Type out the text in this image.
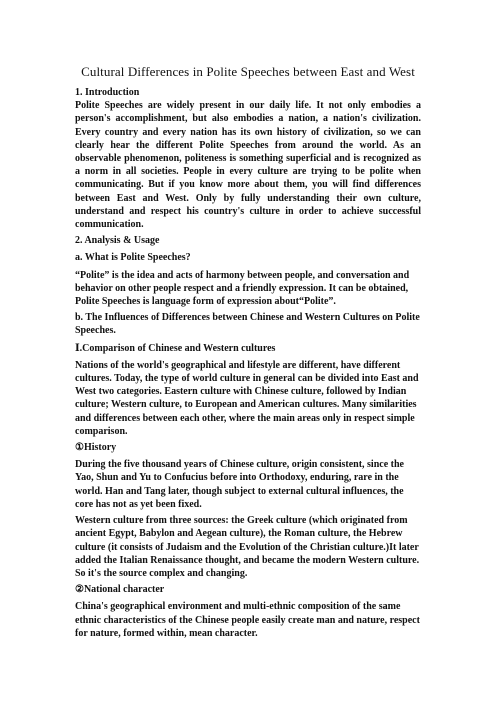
Cultural Differences in Polite Speeches between East and West
1. Introduction
Polite Speeches are widely present in our daily life. It not only embodies a person's accomplishment, but also embodies a nation, a nation's civilization. Every country and every nation has its own history of civilization, so we can clearly hear the different Polite Speeches from around the world. As an observable phenomenon, politeness is something superficial and is recognized as a norm in all societies. People in every culture are trying to be polite when communicating. But if you know more about them, you will find differences between East and West. Only by fully understanding their own culture, understand and respect his country's culture in order to achieve successful communication.
2. Analysis & Usage
a. What is Polite Speeches?
“Polite” is the idea and acts of harmony between people, and conversation and behavior on other people respect and a friendly expression. It can be obtained, Polite Speeches is language form of expression about“Polite”.
b. The Influences of Differences between Chinese and Western Cultures on Polite Speeches.
Ⅰ.Comparison of Chinese and Western cultures
Nations of the world's geographical and lifestyle are different, have different cultures. Today, the type of world culture in general can be divided into East and West two categories. Eastern culture with Chinese culture, followed by Indian culture; Western culture, to European and American cultures. Many similarities and differences between each other, where the main areas only in respect simple comparison.
①History
During the five thousand years of Chinese culture, origin consistent, since the Yao, Shun and Yu to Confucius before into Orthodoxy, enduring, rare in the world. Han and Tang later, though subject to external cultural influences, the core has not as yet been fixed.
Western culture from three sources: the Greek culture (which originated from ancient Egypt, Babylon and Aegean culture), the Roman culture, the Hebrew culture (it consists of Judaism and the Evolution of the Christian culture.)It later added the Italian Renaissance thought, and became the modern Western culture. So it's the source complex and changing.
②National character
China's geographical environment and multi-ethnic composition of the same ethnic characteristics of the Chinese people easily create man and nature, respect for nature, formed within, mean character.
